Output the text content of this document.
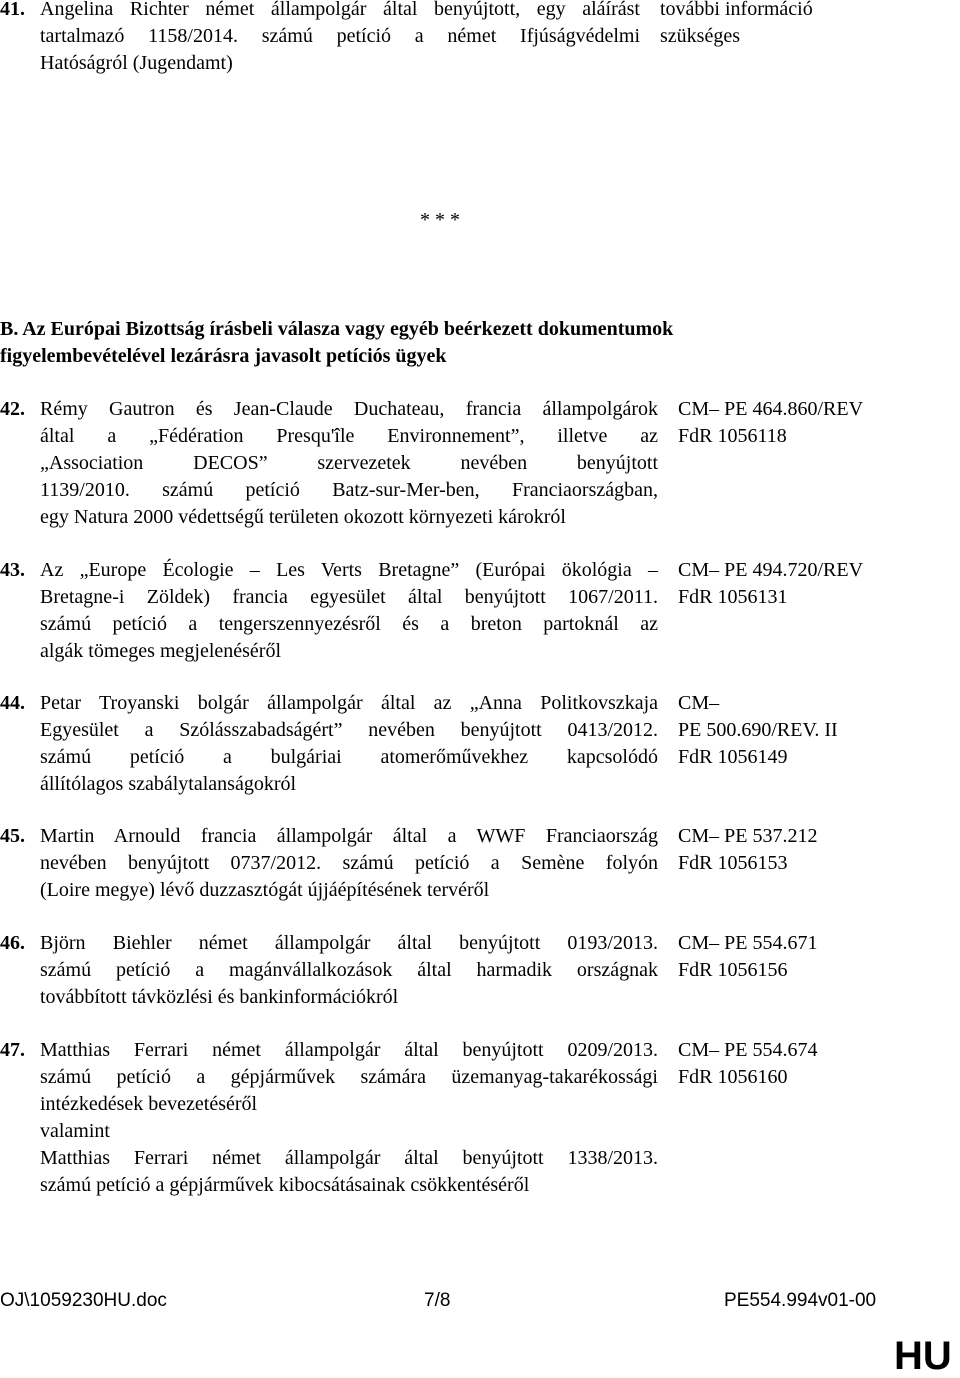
41. Angelina Richter német állampolgár által benyújtott, egy aláírást
tartalmazó 1158/2014. számú petíció a német Ifjúságvédelmi
Hatóságról (Jugendamt)
további információ
szükséges
* * *
B. Az Európai Bizottság írásbeli válasza vagy egyéb beérkezett dokumentumok
figyelembevételével lezárásra javasolt petíciós ügyek
42. Rémy Gautron és Jean-Claude Duchateau, francia állampolgárok
által a „Fédération Presqu'île Environnement”, illetve az
„Association DECOS” szervezetek nevében benyújtott
1139/2010. számú petíció Batz-sur-Mer-ben, Franciaországban,
egy Natura 2000 védettségű területen okozott környezeti károkról
CM– PE 464.860/REV
FdR 1056118
43. Az „Europe Écologie – Les Verts Bretagne” (Európai ökológia –
Bretagne-i Zöldek) francia egyesület által benyújtott 1067/2011.
számú petíció a tengerszennyezésről és a breton partoknál az
algák tömeges megjelenéséről
CM– PE 494.720/REV
FdR 1056131
44. Petar Troyanski bolgár állampolgár által az „Anna Politkovszkaja
Egyesület a Szólásszabadságért” nevében benyújtott 0413/2012.
számú petíció a bulgáriai atomerőművekhez kapcsolódó
állítólagos szabálytalanságokról
CM–
PE 500.690/REV. II
FdR 1056149
45. Martin Arnould francia állampolgár által a WWF Franciaország
nevében benyújtott 0737/2012. számú petíció a Semène folyón
(Loire megye) lévő duzzasztógát újjáépítésének tervéről
CM– PE 537.212
FdR 1056153
46. Björn Biehler német állampolgár által benyújtott 0193/2013.
számú petíció a magánvállalkozások által harmadik országnak
továbbított távközlési és bankinformációkról
CM– PE 554.671
FdR 1056156
47. Matthias Ferrari német állampolgár által benyújtott 0209/2013.
számú petíció a gépjárművek számára üzemanyag-takarékossági
intézkedések bevezetéséről
valamint
Matthias Ferrari német állampolgár által benyújtott 1338/2013.
számú petíció a gépjárművek kibocsátásainak csökkentéséről
CM– PE 554.674
FdR 1056160
OJ\1059230HU.doc	7/8	PE554.994v01-00
HU
